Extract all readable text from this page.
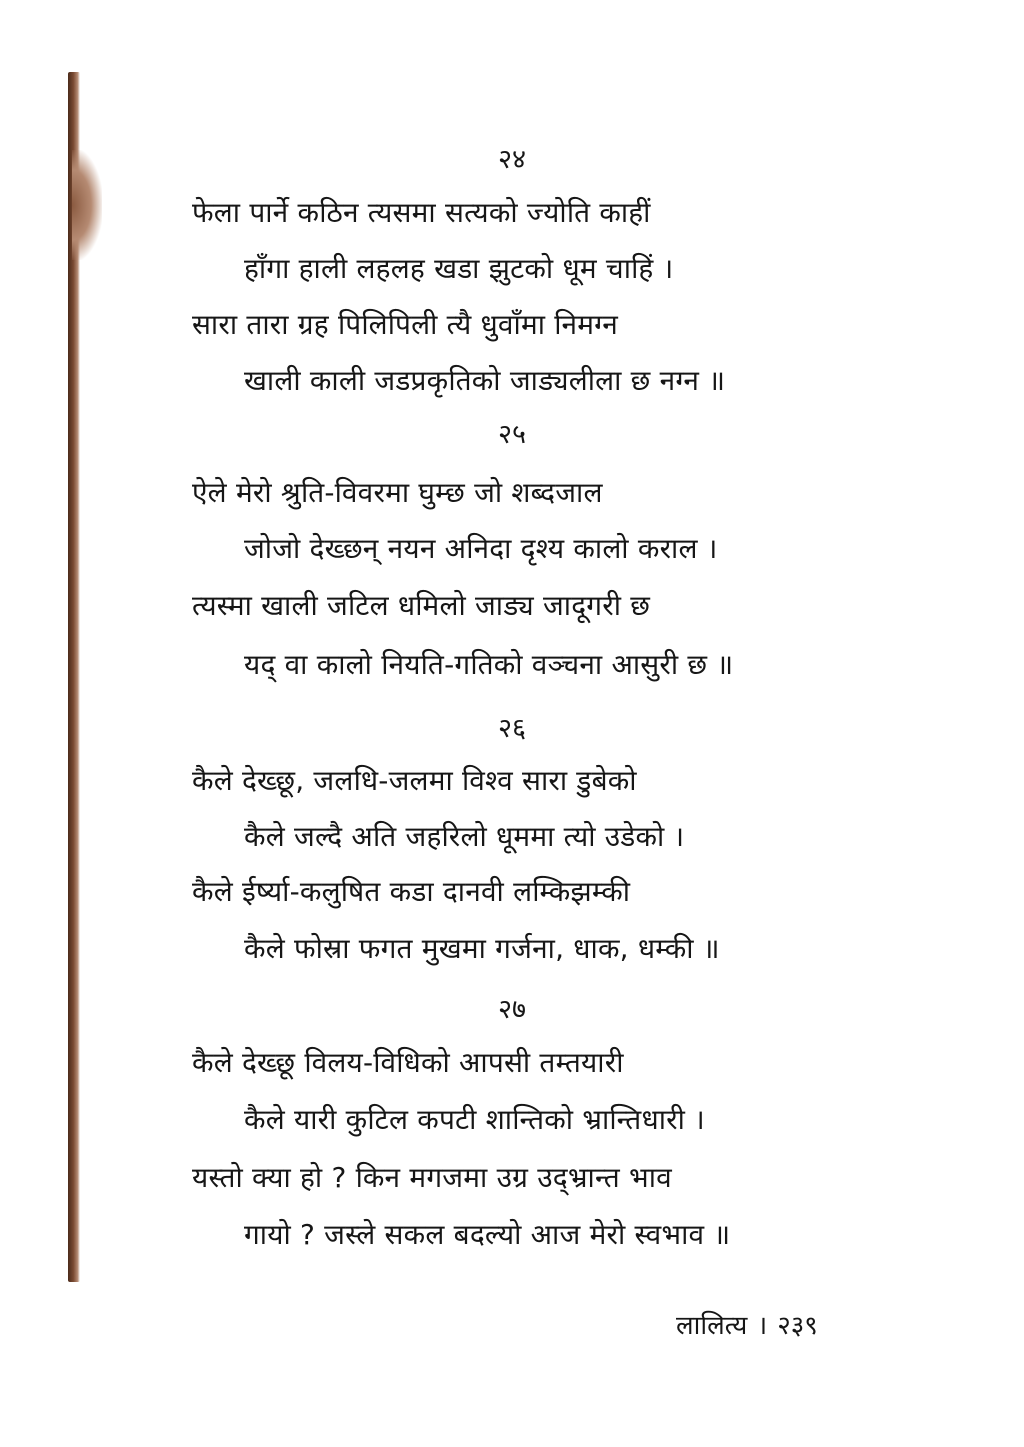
२४
फेला पार्ने कठिन त्यसमा सत्यको ज्योति काहीं
हाँगा हाली लहलह खडा झुटको धूम चाहिं ।
सारा तारा ग्रह पिलिपिली त्यै धुवाँमा निमग्न
खाली काली जडप्रकृतिको जाड्यलीला छ नग्न ॥
२५
ऐले मेरो श्रुति-विवरमा घुम्छ जो शब्दजाल
जोजो देख्छन् नयन अनिदा दृश्य कालो कराल ।
त्यस्मा खाली जटिल धमिलो जाड्य जादूगरी छ
यद् वा कालो नियति-गतिको वञ्चना आसुरी छ ॥
२६
कैले देख्छू, जलधि-जलमा विश्व सारा डुबेको
कैले जल्दै अति जहरिलो धूममा त्यो उडेको ।
कैले ईर्ष्या-कलुषित कडा दानवी लम्किझम्की
कैले फोस्रा फगत मुखमा गर्जना, धाक, धम्की ॥
२७
कैले देख्छू विलय-विधिको आपसी तम्तयारी
कैले यारी कुटिल कपटी शान्तिको भ्रान्तिधारी ।
यस्तो क्या हो ? किन मगजमा उग्र उद्भ्रान्त भाव
गायो ? जस्ले सकल बदल्यो आज मेरो स्वभाव ॥
लालित्य । २३९
